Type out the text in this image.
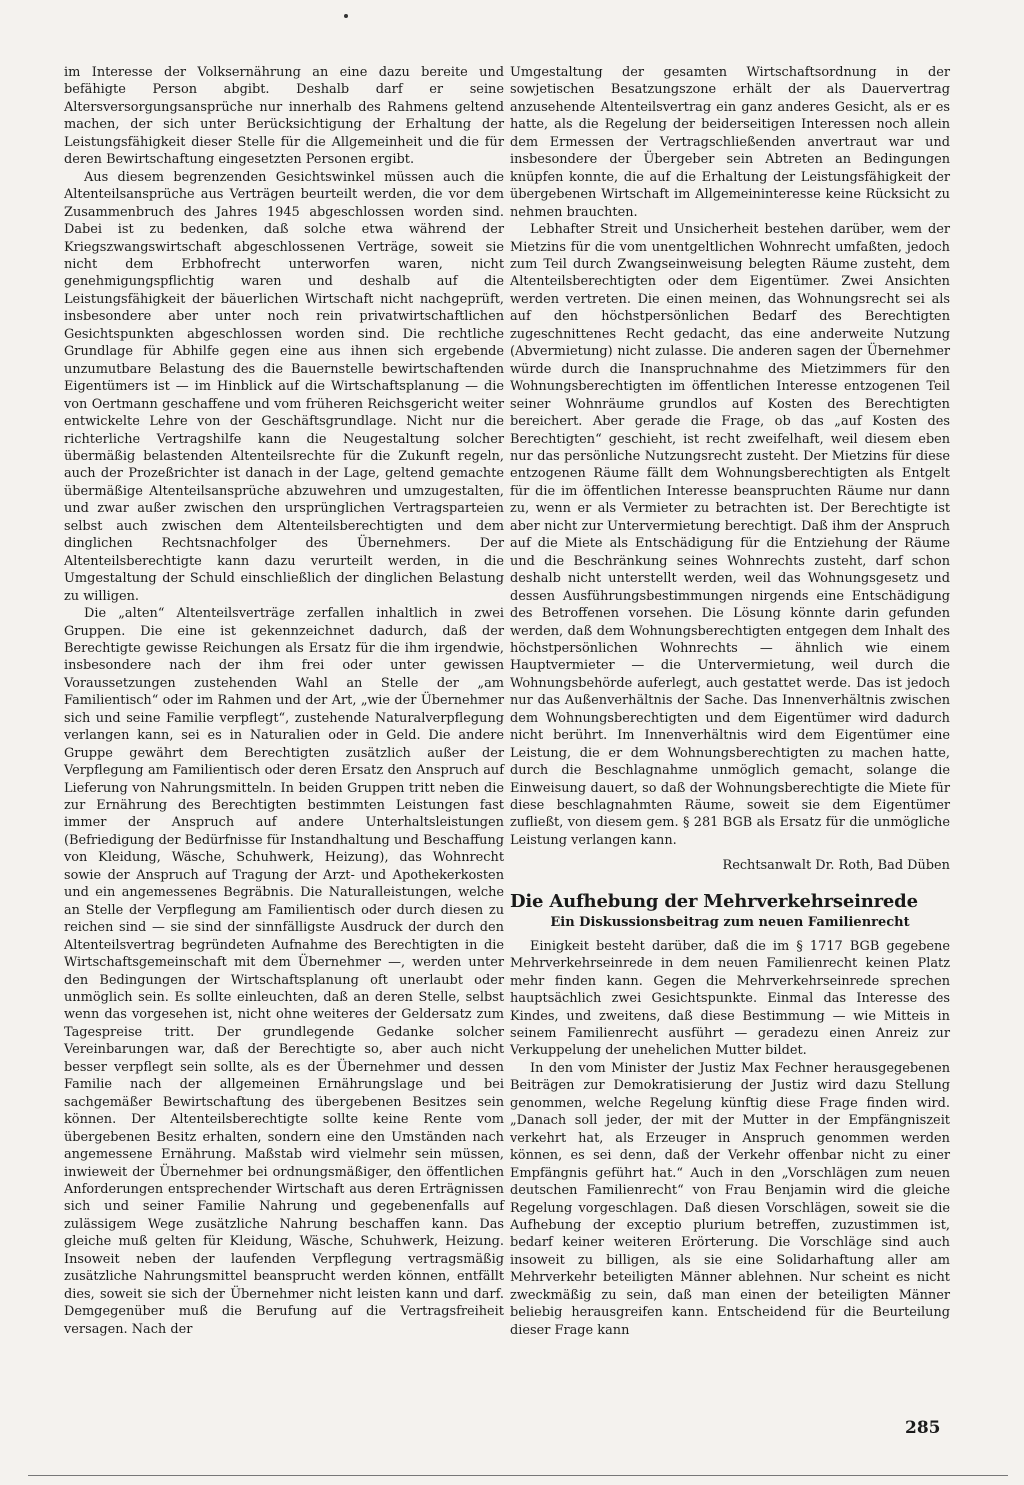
im Interesse der Volksernährung an eine dazu bereite und befähigte Person abgibt. Deshalb darf er seine Altersversorgungsansprüche nur innerhalb des Rahmens geltend machen, der sich unter Berücksichtigung der Erhaltung der Leistungsfähigkeit dieser Stelle für die Allgemeinheit und die für deren Bewirtschaftung eingesetzten Personen ergibt.

Aus diesem begrenzenden Gesichtswinkel müssen auch die Altenteilsansprüche aus Verträgen beurteilt werden, die vor dem Zusammenbruch des Jahres 1945 abgeschlossen worden sind. Dabei ist zu bedenken, daß solche etwa während der Kriegszwangswirtschaft abgeschlossenen Verträge, soweit sie nicht dem Erbhofrecht unterworfen waren, nicht genehmigungspflichtig waren und deshalb auf die Leistungsfähigkeit der bäuerlichen Wirtschaft nicht nachgeprüft, insbesondere aber unter noch rein privatwirtschaftlichen Gesichtspunkten abgeschlossen worden sind. Die rechtliche Grundlage für Abhilfe gegen eine aus ihnen sich ergebende unzumutbare Belastung des die Bauernstelle bewirtschaftenden Eigentümers ist — im Hinblick auf die Wirtschaftsplanung — die von Oertmann geschaffene und vom früheren Reichsgericht weiter entwickelte Lehre von der Geschäftsgrundlage. Nicht nur die richterliche Vertragshilfe kann die Neugestaltung solcher übermäßig belastenden Altenteilsrechte für die Zukunft regeln, auch der Prozeßrichter ist danach in der Lage, geltend gemachte übermäßige Altenteilsansprüche abzuwehren und umzugestalten, und zwar außer zwischen den ursprünglichen Vertragsparteien selbst auch zwischen dem Altenteilsberechtigten und dem dinglichen Rechtsnachfolger des Übernehmers. Der Altenteilsberechtigte kann dazu verurteilt werden, in die Umgestaltung der Schuld einschließlich der dinglichen Belastung zu willigen.

Die „alten“ Altenteilsverträge zerfallen inhaltlich in zwei Gruppen. Die eine ist gekennzeichnet dadurch, daß der Berechtigte gewisse Reichungen als Ersatz für die ihm irgendwie, insbesondere nach der ihm frei oder unter gewissen Voraussetzungen zustehenden Wahl an Stelle der „am Familientisch“ oder im Rahmen und der Art, „wie der Übernehmer sich und seine Familie verpflegt“, zustehende Naturalverpflegung verlangen kann, sei es in Naturalien oder in Geld. Die andere Gruppe gewährt dem Berechtigten zusätzlich außer der Verpflegung am Familientisch oder deren Ersatz den Anspruch auf Lieferung von Nahrungsmitteln. In beiden Gruppen tritt neben die zur Ernährung des Berechtigten bestimmten Leistungen fast immer der Anspruch auf andere Unterhaltsleistungen (Befriedigung der Bedürfnisse für Instandhaltung und Beschaffung von Kleidung, Wäsche, Schuhwerk, Heizung), das Wohnrecht sowie der Anspruch auf Tragung der Arzt- und Apothekerkosten und ein angemessenes Begräbnis. Die Naturalleistungen, welche an Stelle der Verpflegung am Familientisch oder durch diesen zu reichen sind — sie sind der sinnfälligste Ausdruck der durch den Altenteilsvertrag begründeten Aufnahme des Berechtigten in die Wirtschaftsgemeinschaft mit dem Übernehmer —, werden unter den Bedingungen der Wirtschaftsplanung oft unerlaubt oder unmöglich sein. Es sollte einleuchten, daß an deren Stelle, selbst wenn das vorgesehen ist, nicht ohne weiteres der Geldersatz zum Tagespreise tritt. Der grundlegende Gedanke solcher Vereinbarungen war, daß der Berechtigte so, aber auch nicht besser verpflegt sein sollte, als es der Übernehmer und dessen Familie nach der allgemeinen Ernährungslage und bei sachgemäßer Bewirtschaftung des übergebenen Besitzes sein können. Der Altenteilsberechtigte sollte keine Rente vom übergebenen Besitz erhalten, sondern eine den Umständen nach angemessene Ernährung. Maßstab wird vielmehr sein müssen, inwieweit der Übernehmer bei ordnungsmäßiger, den öffentlichen Anforderungen entsprechender Wirtschaft aus deren Erträgnissen sich und seiner Familie Nahrung und gegebenenfalls auf zulässigem Wege zusätzliche Nahrung beschaffen kann. Das gleiche muß gelten für Kleidung, Wäsche, Schuhwerk, Heizung. Insoweit neben der laufenden Verpflegung vertragsmäßig zusätzliche Nahrungsmittel beansprucht werden können, entfällt dies, soweit sie sich der Übernehmer nicht leisten kann und darf. Demgegenüber muß die Berufung auf die Vertragsfreiheit versagen. Nach der

Umgestaltung der gesamten Wirtschaftsordnung in der sowjetischen Besatzungszone erhält der als Dauervertrag anzusehende Altenteilsvertrag ein ganz anderes Gesicht, als er es hatte, als die Regelung der beiderseitigen Interessen noch allein dem Ermessen der Vertragschließenden anvertraut war und insbesondere der Übergeber sein Abtreten an Bedingungen knüpfen konnte, die auf die Erhaltung der Leistungsfähigkeit der übergebenen Wirtschaft im Allgemeininteresse keine Rücksicht zu nehmen brauchten.

Lebhafter Streit und Unsicherheit bestehen darüber, wem der Mietzins für die vom unentgeltlichen Wohnrecht umfaßten, jedoch zum Teil durch Zwangseinweisung belegten Räume zusteht, dem Altenteilsberechtigten oder dem Eigentümer. Zwei Ansichten werden vertreten. Die einen meinen, das Wohnungsrecht sei als auf den höchstpersönlichen Bedarf des Berechtigten zugeschnittenes Recht gedacht, das eine anderweite Nutzung (Abvermietung) nicht zulasse. Die anderen sagen der Übernehmer würde durch die Inanspruchnahme des Mietzimmers für den Wohnungsberechtigten im öffentlichen Interesse entzogenen Teil seiner Wohnräume grundlos auf Kosten des Berechtigten bereichert. Aber gerade die Frage, ob das „auf Kosten des Berechtigten“ geschieht, ist recht zweifelhaft, weil diesem eben nur das persönliche Nutzungsrecht zusteht. Der Mietzins für diese entzogenen Räume fällt dem Wohnungsberechtigten als Entgelt für die im öffentlichen Interesse beanspruchten Räume nur dann zu, wenn er als Vermieter zu betrachten ist. Der Berechtigte ist aber nicht zur Untervermietung berechtigt. Daß ihm der Anspruch auf die Miete als Entschädigung für die Entziehung der Räume und die Beschränkung seines Wohnrechts zusteht, darf schon deshalb nicht unterstellt werden, weil das Wohnungsgesetz und dessen Ausführungsbestimmungen nirgends eine Entschädigung des Betroffenen vorsehen. Die Lösung könnte darin gefunden werden, daß dem Wohnungsberechtigten entgegen dem Inhalt des höchstpersönlichen Wohnrechts — ähnlich wie einem Hauptvermieter — die Untervermietung, weil durch die Wohnungsbehörde auferlegt, auch gestattet werde. Das ist jedoch nur das Außenverhältnis der Sache. Das Innenverhältnis zwischen dem Wohnungsberechtigten und dem Eigentümer wird dadurch nicht berührt. Im Innenverhältnis wird dem Eigentümer eine Leistung, die er dem Wohnungsberechtigten zu machen hatte, durch die Beschlagnahme unmöglich gemacht, solange die Einweisung dauert, so daß der Wohnungsberechtigte die Miete für diese beschlagnahmten Räume, soweit sie dem Eigentümer zufließt, von diesem gem. § 281 BGB als Ersatz für die unmögliche Leistung verlangen kann.

Rechtsanwalt Dr. Roth, Bad Düben

Die Aufhebung der Mehrverkehrseinrede

Ein Diskussionsbeitrag zum neuen Familienrecht

Einigkeit besteht darüber, daß die im § 1717 BGB gegebene Mehrverkehrseinrede in dem neuen Familienrecht keinen Platz mehr finden kann. Gegen die Mehrverkehrseinrede sprechen hauptsächlich zwei Gesichtspunkte. Einmal das Interesse des Kindes, und zweitens, daß diese Bestimmung — wie Mitteis in seinem Familienrecht ausführt — geradezu einen Anreiz zur Verkuppelung der unehelichen Mutter bildet.

In den vom Minister der Justiz Max Fechner herausgegebenen Beiträgen zur Demokratisierung der Justiz wird dazu Stellung genommen, welche Regelung künftig diese Frage finden wird. „Danach soll jeder, der mit der Mutter in der Empfängniszeit verkehrt hat, als Erzeuger in Anspruch genommen werden können, es sei denn, daß der Verkehr offenbar nicht zu einer Empfängnis geführt hat.“ Auch in den „Vorschlägen zum neuen deutschen Familienrecht“ von Frau Benjamin wird die gleiche Regelung vorgeschlagen. Daß diesen Vorschlägen, soweit sie die Aufhebung der exceptio plurium betreffen, zuzustimmen ist, bedarf keiner weiteren Erörterung. Die Vorschläge sind auch insoweit zu billigen, als sie eine Solidarhaftung aller am Mehrverkehr beteiligten Männer ablehnen. Nur scheint es nicht zweckmäßig zu sein, daß man einen der beteiligten Männer beliebig herausgreifen kann. Entscheidend für die Beurteilung dieser Frage kann

285
